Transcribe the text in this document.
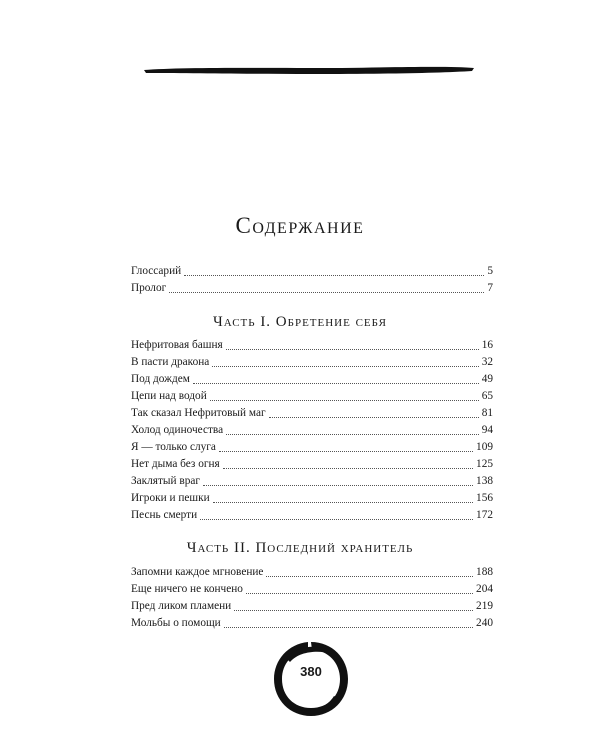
Содержание
Глоссарий	5
Пролог	7
Часть I. Обретение себя
Нефритовая башня	16
В пасти дракона	32
Под дождем	49
Цепи над водой	65
Так сказал Нефритовый маг	81
Холод одиночества	94
Я — только слуга	109
Нет дыма без огня	125
Заклятый враг	138
Игроки и пешки	156
Песнь смерти	172
Часть II. Последний хранитель
Запомни каждое мгновение	188
Еще ничего не кончено	204
Пред ликом пламени	219
Мольбы о помощи	240
380
